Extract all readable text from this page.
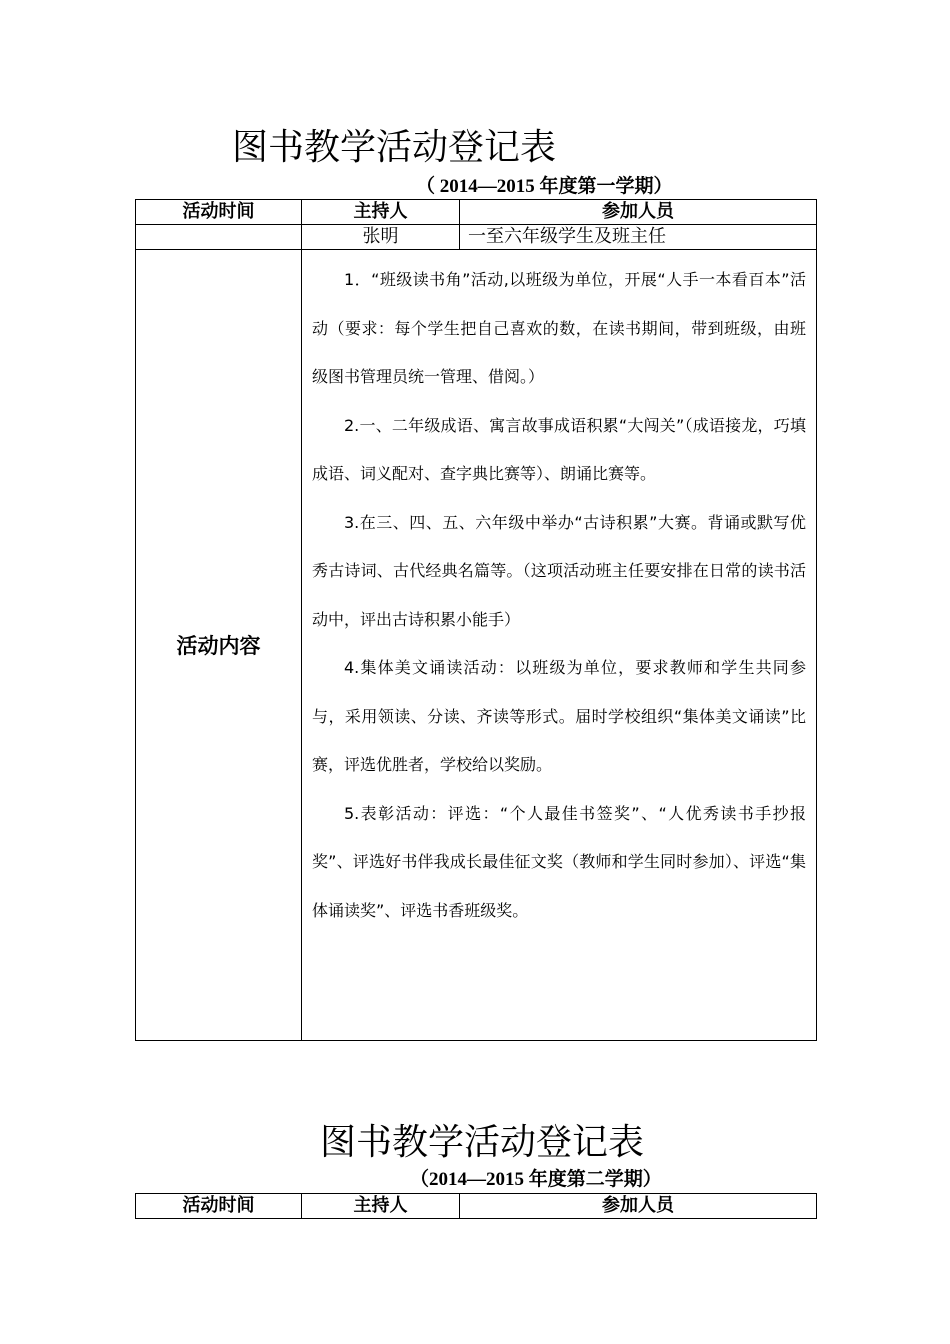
图书教学活动登记表
（ 2014—2015 年度第一学期）
活动时间	主持人	参加人员
	张明	一至六年级学生及班主任
活动内容	1．“班级读书角”活动,以班级为单位，开展“人手一本看百本”活动（要求：每个学生把自己喜欢的数，在读书期间，带到班级，由班级图书管理员统一管理、借阅。）

2.一、二年级成语、寓言故事成语积累“大闯关”（成语接龙，巧填成语、词义配对、查字典比赛等）、朗诵比赛等。

3.在三、四、五、六年级中举办“古诗积累”大赛。背诵或默写优秀古诗词、古代经典名篇等。（这项活动班主任要安排在日常的读书活动中，评出古诗积累小能手）

4.集体美文诵读活动：以班级为单位，要求教师和学生共同参与，采用领读、分读、齐读等形式。届时学校组织“集体美文诵读”比赛，评选优胜者，学校给以奖励。

5.表彰活动：评选：“个人最佳书签奖”、“人优秀读书手抄报奖”、评选好书伴我成长最佳征文奖（教师和学生同时参加）、评选“集体诵读奖”、评选书香班级奖。	

图书教学活动登记表
（2014—2015 年度第二学期）
活动时间	主持人	参加人员
